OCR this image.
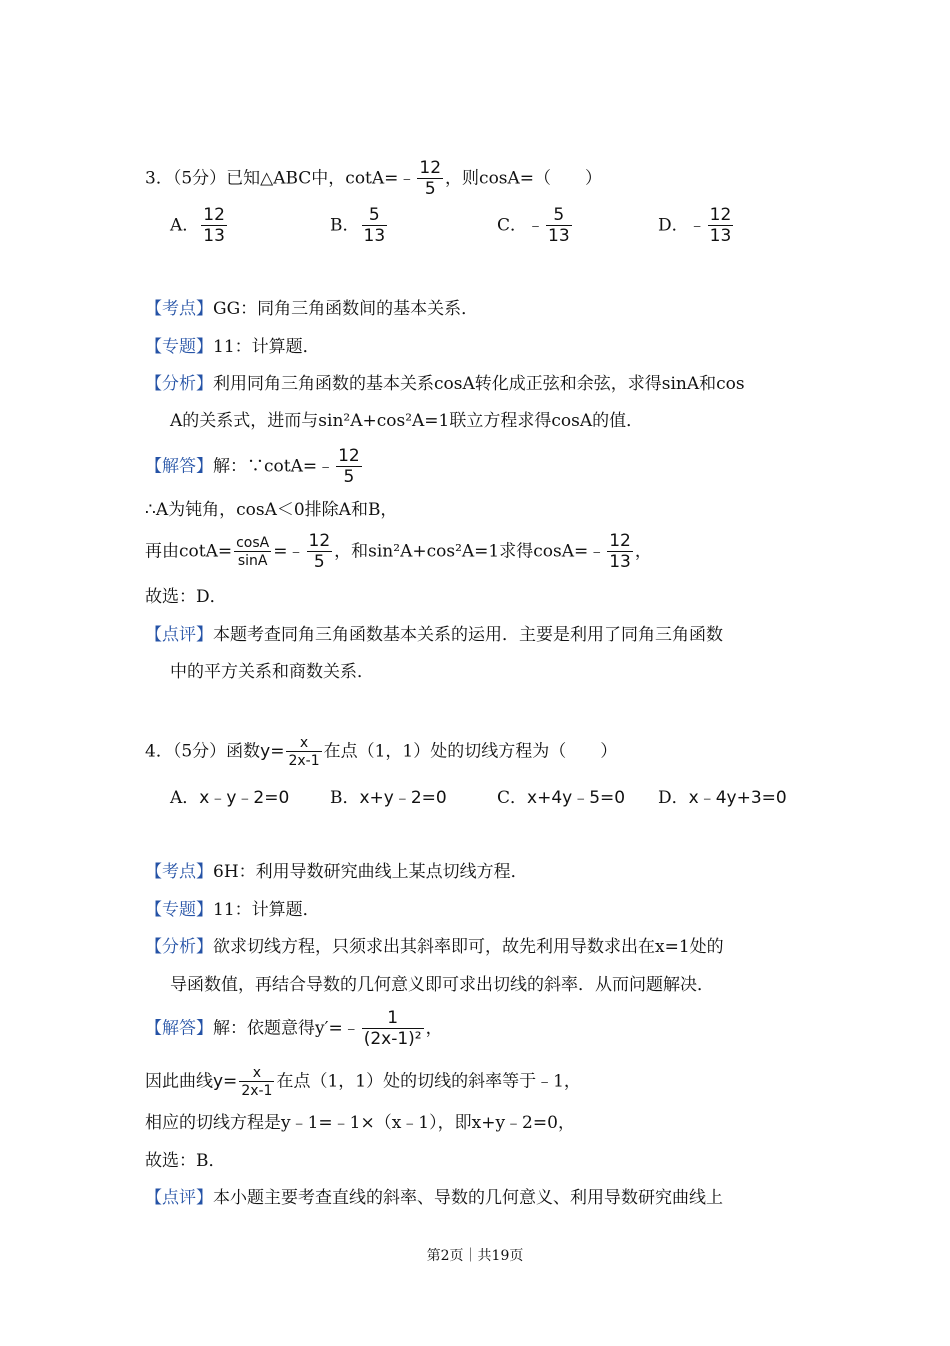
3．（5分）已知△ABC中，cotA=﹣ $\frac{12}{5}$ ，则cosA=（　　）
A． $\frac{12}{13}$	B． $\frac{5}{13}$	C．﹣ $\frac{5}{13}$	D．﹣ $\frac{12}{13}$
【考点】GG：同角三角函数间的基本关系．
【专题】11：计算题．
【分析】利用同角三角函数的基本关系cosA转化成正弦和余弦，求得sinA和cos
A的关系式，进而与sin²A+cos²A=1联立方程求得cosA的值．
【解答】解：∵cotA=﹣ $\frac{12}{5}$
∴A为钝角，cosA＜0排除A和B，
再由$\cot A= \frac{\cos A}{\sin A}$ =﹣ $\frac{12}{5}$ ，和sin²A+cos²A=1求得cosA=﹣ $\frac{12}{13}$ ，
故选：D．
【点评】本题考查同角三角函数基本关系的运用．主要是利用了同角三角函数
中的平方关系和商数关系．
4．（5分）函数$y= \frac{x}{2x-1}$ 在点（1，1）处的切线方程为（　　）
A．x﹣y﹣2=0 B．x+y﹣2=0	C．x+4y﹣5=0 D．x﹣4y+3=0
【考点】6H：利用导数研究曲线上某点切线方程．
【专题】11：计算题．
【分析】欲求切线方程，只须求出其斜率即可，故先利用导数求出在x=1处的
导函数值，再结合导数的几何意义即可求出切线的斜率．从而问题解决．
【解答】解：依题意得y′=﹣ $\frac{1}{\text{(2x-1)²}}$ ，
因此曲线$y= \frac{x}{2x-1}$ 在点（1，1）处的切线的斜率等于﹣1，
相应的切线方程是y﹣1=﹣1×（x﹣1），即x+y﹣2=0，
故选：B．
【点评】本小题主要考查直线的斜率、导数的几何意义、利用导数研究曲线上
第2页｜共19页
